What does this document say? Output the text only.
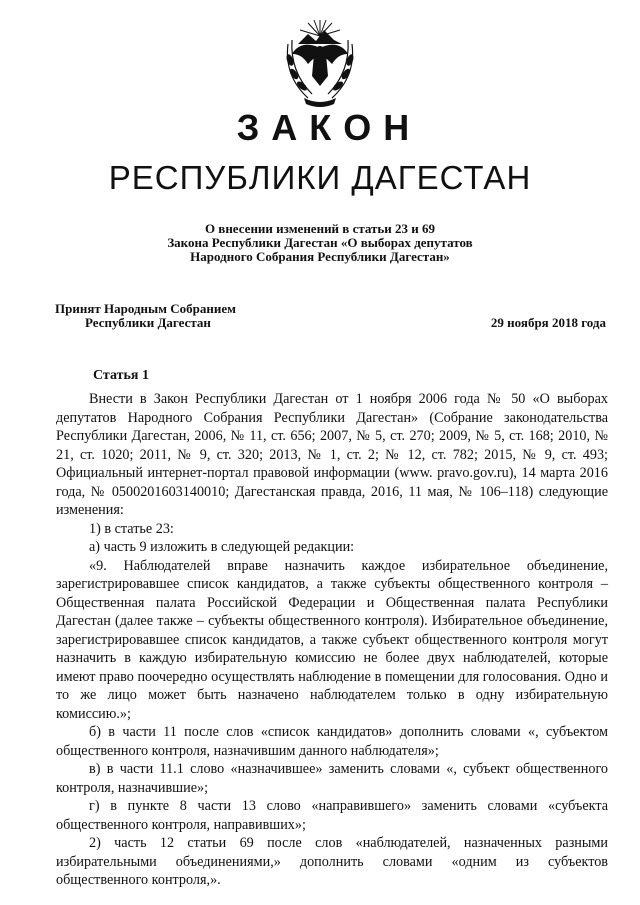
ЗАКОН
РЕСПУБЛИКИ ДАГЕСТАН
О внесении изменений в статьи 23 и 69
Закона Республики Дагестан «О выборах депутатов
Народного Собрания Республики Дагестан»
Принят Народным Собранием
Республики Дагестан	29 ноября 2018 года
Статья 1

Внести в Закон Республики Дагестан от 1 ноября 2006 года № 50 «О выборах депутатов Народного Собрания Республики Дагестан» (Собрание законодательства Республики Дагестан, 2006, № 11, ст. 656; 2007, № 5, ст. 270; 2009, № 5, ст. 168; 2010, № 21, ст. 1020; 2011, № 9, ст. 320; 2013, № 1, ст. 2; № 12, ст. 782; 2015, № 9, ст. 493; Официальный интернет-портал правовой информации (www. pravo.gov.ru), 14 марта 2016 года, № 0500201603140010; Дагестанская правда, 2016, 11 мая, № 106–118) следующие изменения:

1) в статье 23:

а) часть 9 изложить в следующей редакции:

«9. Наблюдателей вправе назначить каждое избирательное объединение, зарегистрировавшее список кандидатов, а также субъекты общественного контроля – Общественная палата Российской Федерации и Общественная палата Республики Дагестан (далее также – субъекты общественного контроля). Избирательное объединение, зарегистрировавшее список кандидатов, а также субъект общественного контроля могут назначить в каждую избирательную комиссию не более двух наблюдателей, которые имеют право поочередно осуществлять наблюдение в помещении для голосования. Одно и то же лицо может быть назначено наблюдателем только в одну избирательную комиссию.»;

б) в части 11 после слов «список кандидатов» дополнить словами «, субъектом общественного контроля, назначившим данного наблюдателя»;

в) в части 11.1 слово «назначившее» заменить словами «, субъект общественного контроля, назначившие»;

г) в пункте 8 части 13 слово «направившего» заменить словами «субъекта общественного контроля, направивших»;

2) часть 12 статьи 69 после слов «наблюдателей, назначенных разными избирательными объединениями,» дополнить словами «одним из субъектов общественного контроля,».
